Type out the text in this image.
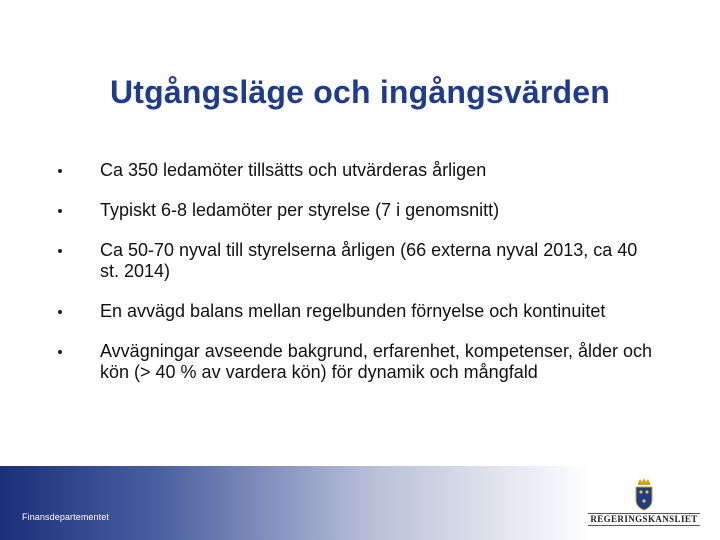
Utgångsläge och ingångsvärden
Ca 350 ledamöter tillsätts och utvärderas årligen
Typiskt 6-8 ledamöter per styrelse (7 i genomsnitt)
Ca 50-70 nyval till styrelserna årligen (66 externa nyval 2013, ca 40 st. 2014)
En avvägd balans mellan regelbunden förnyelse och kontinuitet
Avvägningar avseende bakgrund, erfarenhet, kompetenser, ålder och kön (> 40 % av vardera kön) för dynamik och mångfald
Finansdepartementet	REGERINGSKANSLIET
